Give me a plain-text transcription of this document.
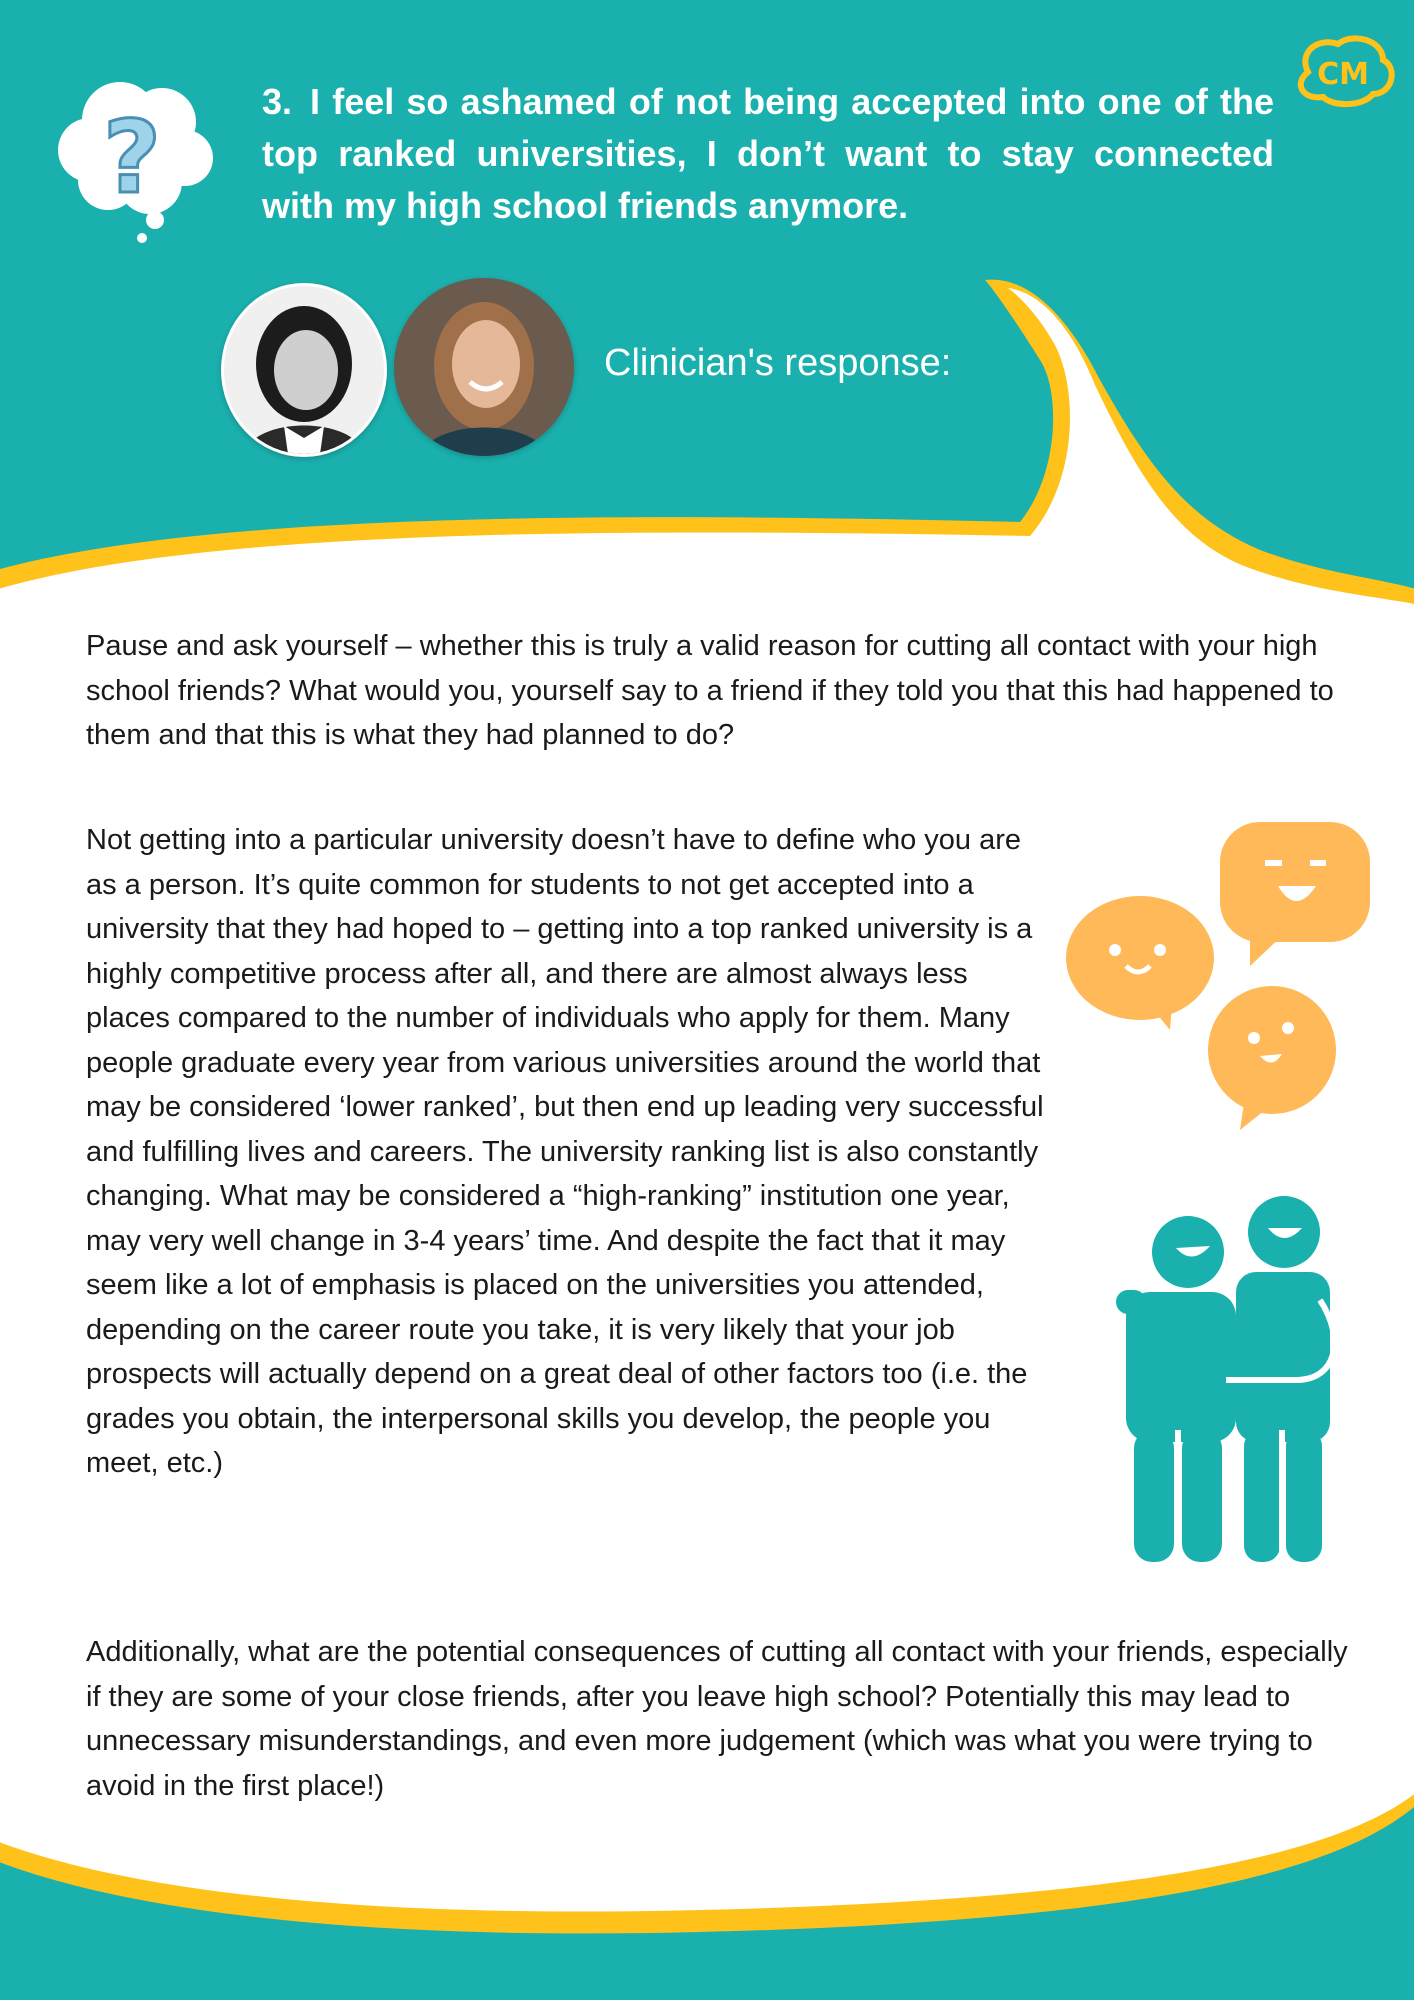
?
CM

3. I feel so ashamed of not being accepted into one of the top ranked universities, I don’t want to stay connected with my high school friends anymore.

Clinician's response:

Pause and ask yourself – whether this is truly a valid reason for cutting all contact with your high school friends? What would you, yourself say to a friend if they told you that this had happened to them and that this is what they had planned to do?

Not getting into a particular university doesn’t have to define who you are as a person. It’s quite common for students to not get accepted into a university that they had hoped to – getting into a top ranked university is a highly competitive process after all, and there are almost always less places compared to the number of individuals who apply for them. Many people graduate every year from various universities around the world that may be considered ‘lower ranked’, but then end up leading very successful and fulfilling lives and careers. The university ranking list is also constantly changing. What may be considered a “high-ranking” institution one year, may very well change in 3-4 years’ time. And despite the fact that it may seem like a lot of emphasis is placed on the universities you attended, depending on the career route you take, it is very likely that your job prospects will actually depend on a great deal of other factors too (i.e. the grades you obtain, the interpersonal skills you develop, the people you meet, etc.)

Additionally, what are the potential consequences of cutting all contact with your friends, especially if they are some of your close friends, after you leave high school? Potentially this may lead to unnecessary misunderstandings, and even more judgement (which was what you were trying to avoid in the first place!)
